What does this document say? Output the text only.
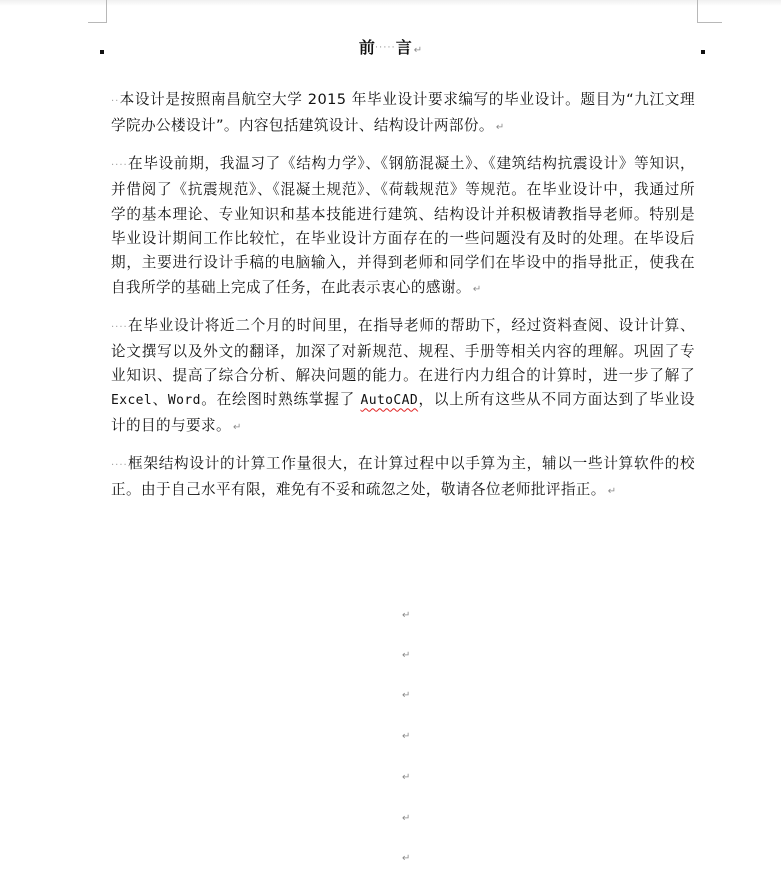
前·····言 ↵

··本设计是按照南昌航空大学 2015 年毕业设计要求编写的毕业设计。题目为“九江文理学院办公楼设计”。内容包括建筑设计、结构设计两部份。 ↵

····在毕设前期，我温习了《结构力学》、《钢筋混凝土》、《建筑结构抗震设计》等知识，并借阅了《抗震规范》、《混凝土规范》、《荷载规范》等规范。在毕业设计中，我通过所学的基本理论、专业知识和基本技能进行建筑、结构设计并积极请教指导老师。特别是毕业设计期间工作比较忙，在毕业设计方面存在的一些问题没有及时的处理。在毕设后期，主要进行设计手稿的电脑输入，并得到老师和同学们在毕设中的指导批正，使我在自我所学的基础上完成了任务，在此表示衷心的感谢。 ↵

····在毕业设计将近二个月的时间里，在指导老师的帮助下，经过资料查阅、设计计算、论文撰写以及外文的翻译，加深了对新规范、规程、手册等相关内容的理解。巩固了专业知识、提高了综合分析、解决问题的能力。在进行内力组合的计算时，进一步了解了 Excel、Word。在绘图时熟练掌握了 AutoCAD，以上所有这些从不同方面达到了毕业设计的目的与要求。 ↵

····框架结构设计的计算工作量很大，在计算过程中以手算为主，辅以一些计算软件的校正。由于自己水平有限，难免有不妥和疏忽之处，敬请各位老师批评指正。 ↵

↵
↵
↵
↵
↵
↵
↵
